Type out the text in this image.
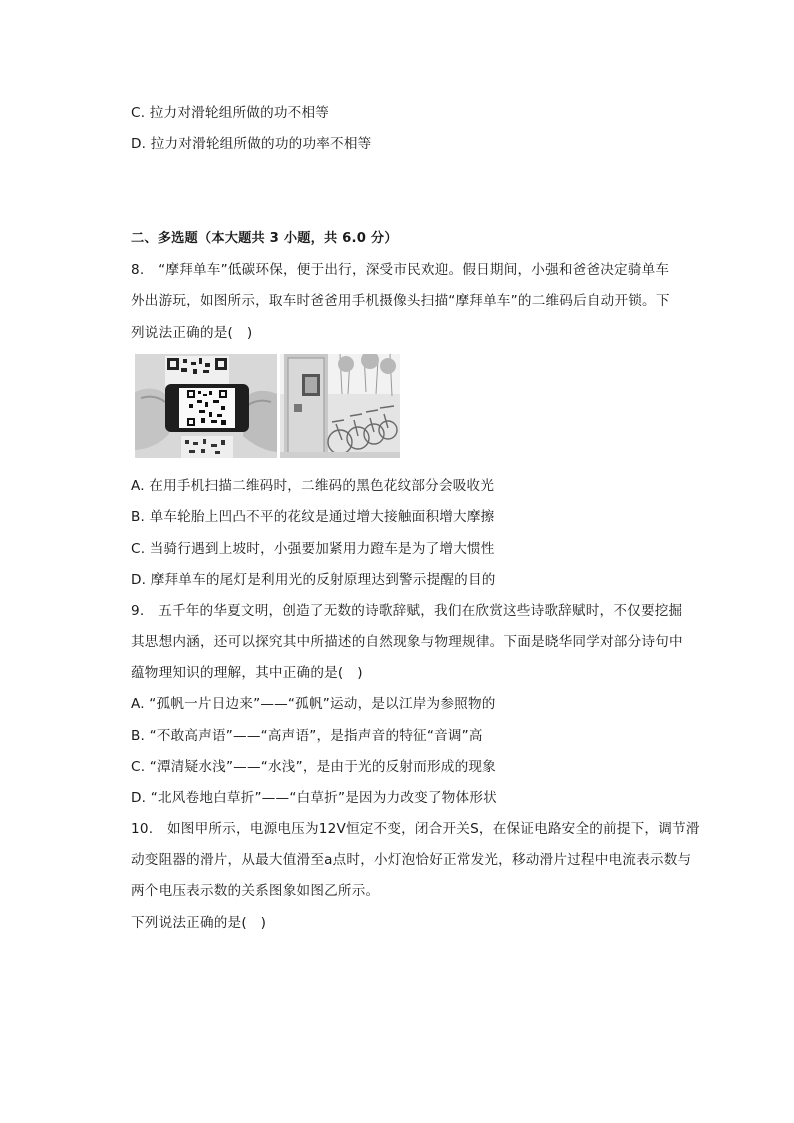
C. 拉力对滑轮组所做的功不相等
D. 拉力对滑轮组所做的功的功率不相等
二、多选题（本大题共 3 小题，共 6.0 分）
8.　“摩拜单车”低碳环保，便于出行，深受市民欢迎。假日期间，小强和爸爸决定骑单车
外出游玩，如图所示，取车时爸爸用手机摄像头扫描“摩拜单车”的二维码后自动开锁。下
列说法正确的是(　)
A. 在用手机扫描二维码时，二维码的黑色花纹部分会吸收光
B. 单车轮胎上凹凸不平的花纹是通过增大接触面积增大摩擦
C. 当骑行遇到上坡时，小强要加紧用力蹬车是为了增大惯性
D. 摩拜单车的尾灯是利用光的反射原理达到警示提醒的目的
9.　五千年的华夏文明，创造了无数的诗歌辞赋，我们在欣赏这些诗歌辞赋时，不仅要挖掘
其思想内涵，还可以探究其中所描述的自然现象与物理规律。下面是晓华同学对部分诗句中
蕴物理知识的理解，其中正确的是(　)
A. “孤帆一片日边来”——“孤帆”运动，是以江岸为参照物的
B. “不敢高声语”——“高声语”，是指声音的特征“音调”高
C. “潭清疑水浅”——“水浅”，是由于光的反射而形成的现象
D. “北风卷地白草折”——“白草折”是因为力改变了物体形状
10.　如图甲所示，电源电压为12V恒定不变，闭合开关S，在保证电路安全的前提下，调节滑
动变阻器的滑片，从最大值滑至a点时，小灯泡恰好正常发光，移动滑片过程中电流表示数与
两个电压表示数的关系图象如图乙所示。
下列说法正确的是(　)
